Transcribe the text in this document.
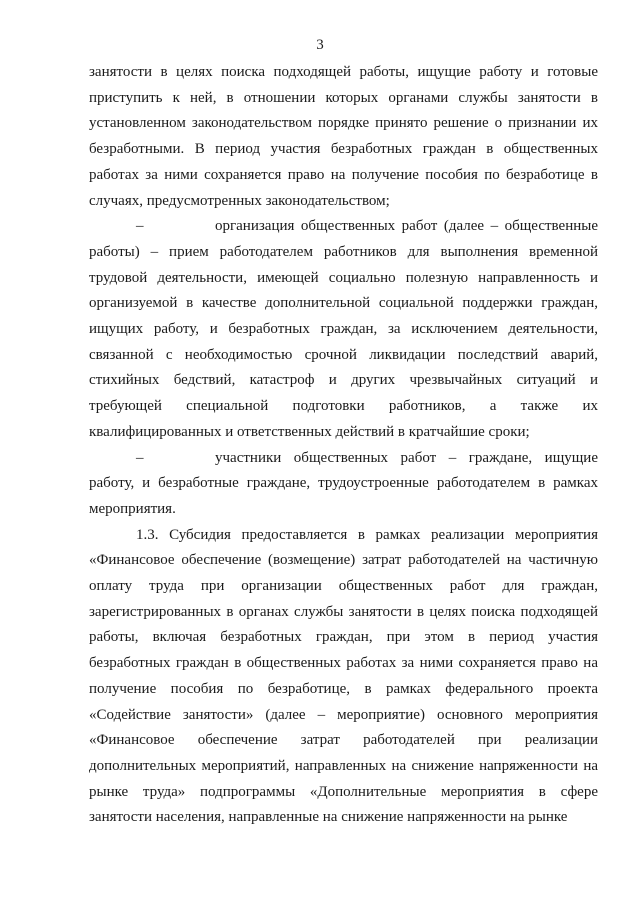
3

занятости в целях поиска подходящей работы, ищущие работу и готовые приступить к ней, в отношении которых органами службы занятости в установленном законодательством порядке принято решение о признании их безработными. В период участия безработных граждан в общественных работах за ними сохраняется право на получение пособия по безработице в случаях, предусмотренных законодательством;

–	организация общественных работ (далее – общественные работы) – прием работодателем работников для выполнения временной трудовой деятельности, имеющей социально полезную направленность и организуемой в качестве дополнительной социальной поддержки граждан, ищущих работу, и безработных граждан, за исключением деятельности, связанной с необходимостью срочной ликвидации последствий аварий, стихийных бедствий, катастроф и других чрезвычайных ситуаций и требующей специальной подготовки работников, а также их квалифицированных и ответственных действий в кратчайшие сроки;

–	участники общественных работ – граждане, ищущие работу, и безработные граждане, трудоустроенные работодателем в рамках мероприятия.

1.3. Субсидия предоставляется в рамках реализации мероприятия «Финансовое обеспечение (возмещение) затрат работодателей на частичную оплату труда при организации общественных работ для граждан, зарегистрированных в органах службы занятости в целях поиска подходящей работы, включая безработных граждан, при этом в период участия безработных граждан в общественных работах за ними сохраняется право на получение пособия по безработице, в рамках федерального проекта «Содействие занятости» (далее – мероприятие) основного мероприятия «Финансовое обеспечение затрат работодателей при реализации дополнительных мероприятий, направленных на снижение напряженности на рынке труда» подпрограммы «Дополнительные мероприятия в сфере занятости населения, направленные на снижение напряженности на рынке
